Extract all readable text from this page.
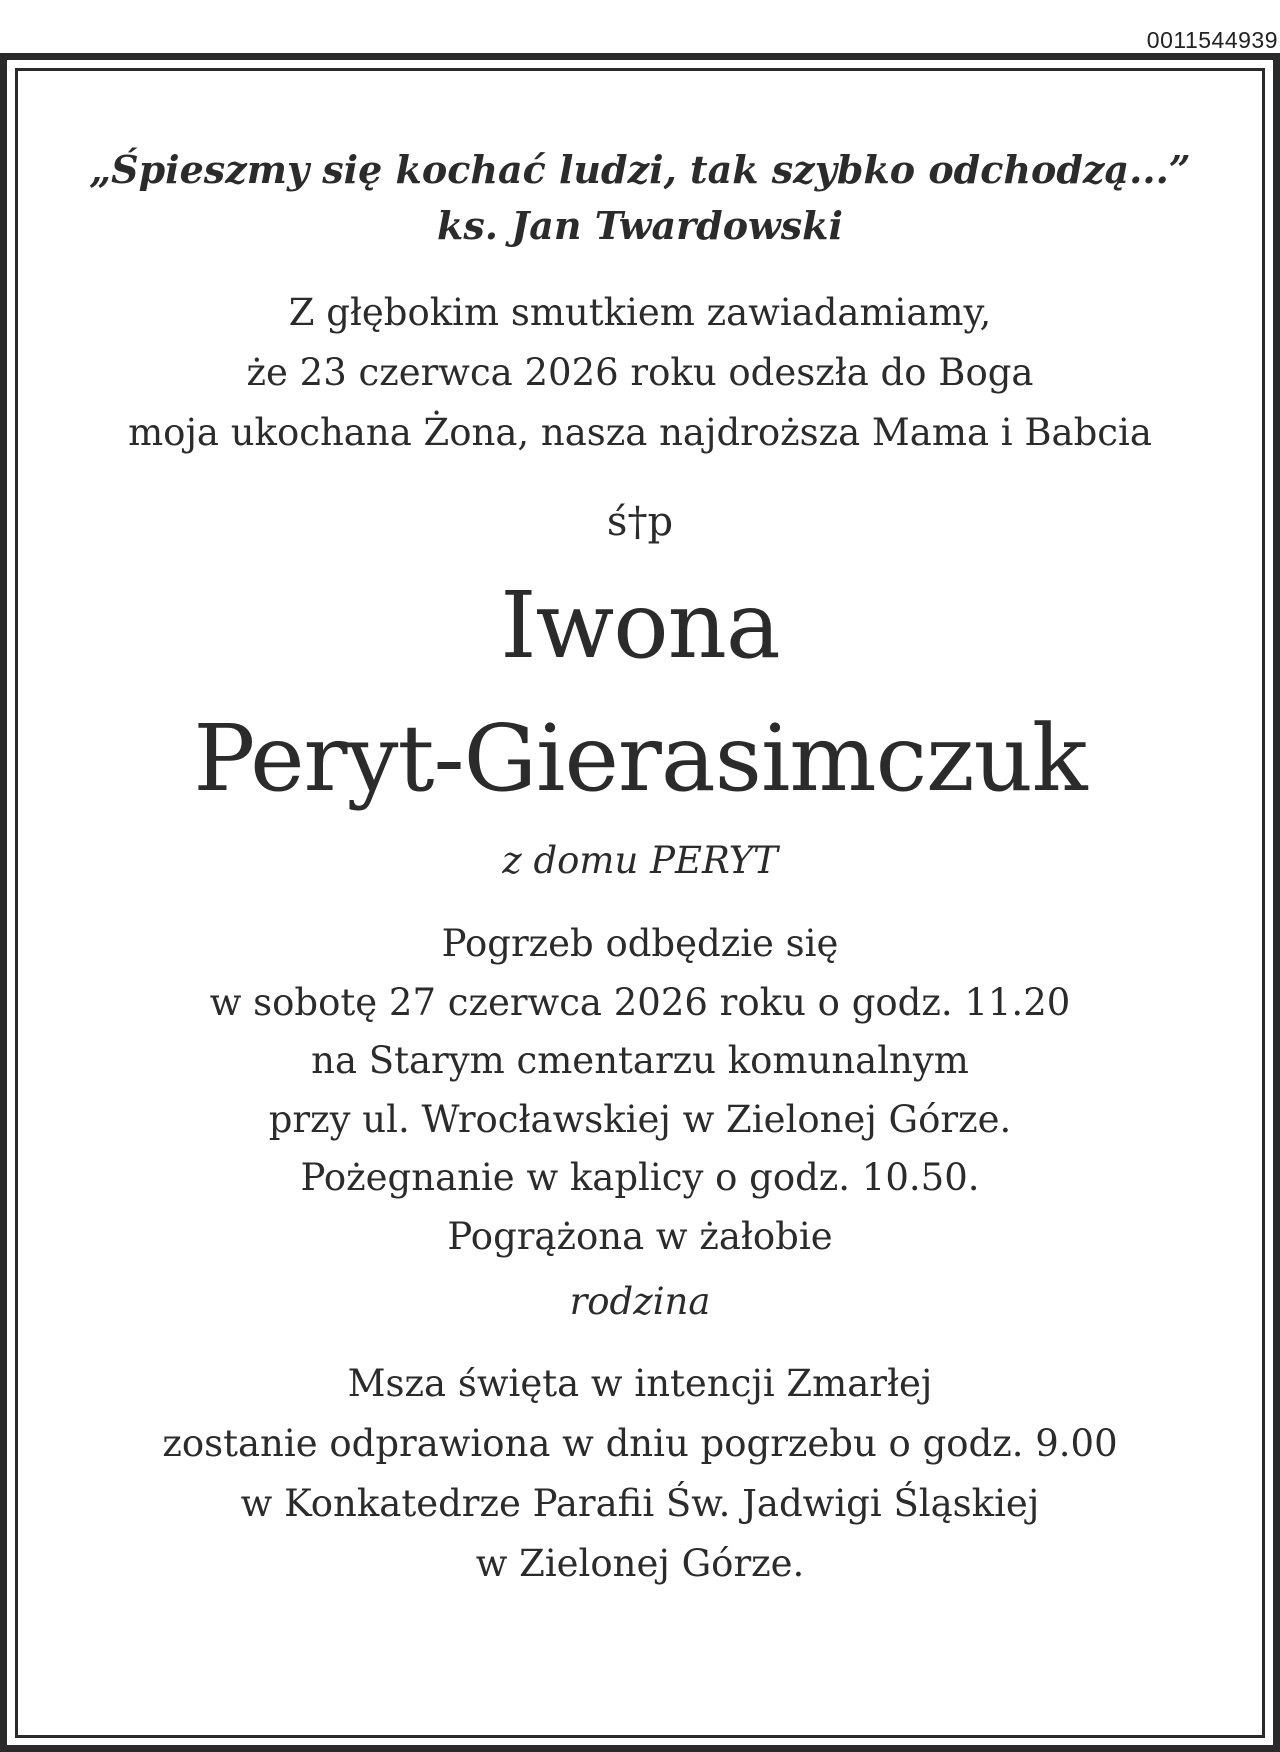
0011544939
„Śpieszmy się kochać ludzi, tak szybko odchodzą...”
ks. Jan Twardowski
Z głębokim smutkiem zawiadamiamy,
że 23 czerwca 2026 roku odeszła do Boga
moja ukochana Żona, nasza najdroższa Mama i Babcia
ś†p
Iwona
Peryt-Gierasimczuk
z domu PERYT
Pogrzeb odbędzie się
w sobotę 27 czerwca 2026 roku o godz. 11.20
na Starym cmentarzu komunalnym
przy ul. Wrocławskiej w Zielonej Górze.
Pożegnanie w kaplicy o godz. 10.50.
Pogrążona w żałobie
rodzina
Msza święta w intencji Zmarłej
zostanie odprawiona w dniu pogrzebu o godz. 9.00
w Konkatedrze Parafii Św. Jadwigi Śląskiej
w Zielonej Górze.
